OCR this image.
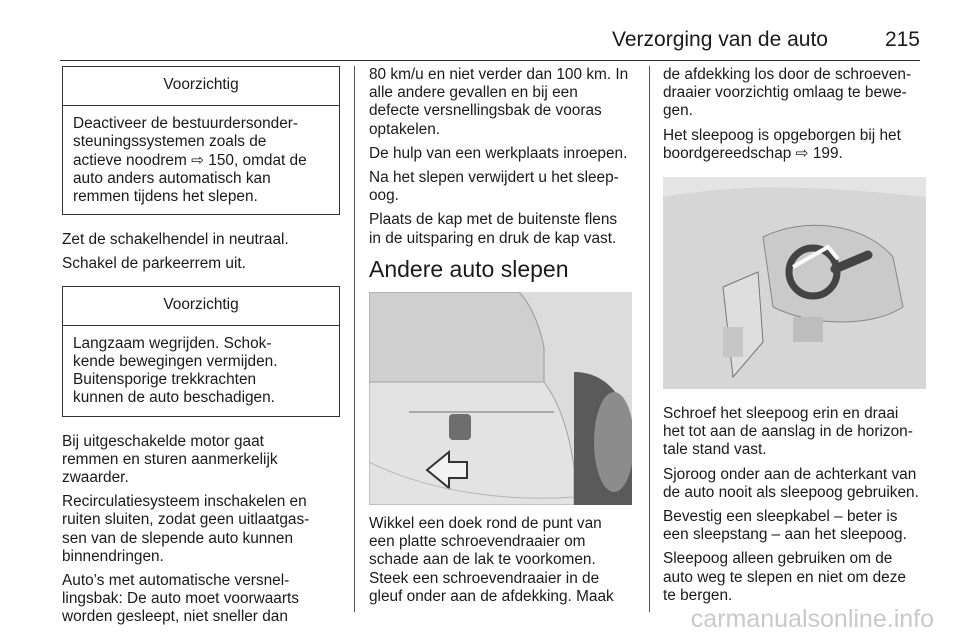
Verzorging van de auto	215
Voorzichtig
Deactiveer de bestuurdersonder-
steuningssystemen zoals de
actieve noodrem ⇨ 150, omdat de
auto anders automatisch kan
remmen tijdens het slepen.

Zet de schakelhendel in neutraal.

Schakel de parkeerrem uit.

Voorzichtig
Langzaam wegrijden. Schok-
kende bewegingen vermijden.
Buitensporige trekkrachten
kunnen de auto beschadigen.

Bij uitgeschakelde motor gaat
remmen en sturen aanmerkelijk
zwaarder.

Recirculatiesysteem inschakelen en
ruiten sluiten, zodat geen uitlaatgas-
sen van de slepende auto kunnen
binnendringen.

Auto’s met automatische versnel-
lingsbak: De auto moet voorwaarts
worden gesleept, niet sneller dan

80 km/u en niet verder dan 100 km. In
alle andere gevallen en bij een
defecte versnellingsbak de vooras
optakelen.

De hulp van een werkplaats inroepen.

Na het slepen verwijdert u het sleep-
oog.

Plaats de kap met de buitenste flens
in de uitsparing en druk de kap vast.

Andere auto slepen

Wikkel een doek rond de punt van
een platte schroevendraaier om
schade aan de lak te voorkomen.
Steek een schroevendraaier in de
gleuf onder aan de afdekking. Maak

de afdekking los door de schroeven-
draaier voorzichtig omlaag te bewe-
gen.

Het sleepoog is opgeborgen bij het
boordgereedschap ⇨ 199.

Schroef het sleepoog erin en draai
het tot aan de aanslag in de horizon-
tale stand vast.

Sjoroog onder aan de achterkant van
de auto nooit als sleepoog gebruiken.

Bevestig een sleepkabel – beter is
een sleepstang – aan het sleepoog.

Sleepoog alleen gebruiken om de
auto weg te slepen en niet om deze
te bergen.

carmanualsonline.info
